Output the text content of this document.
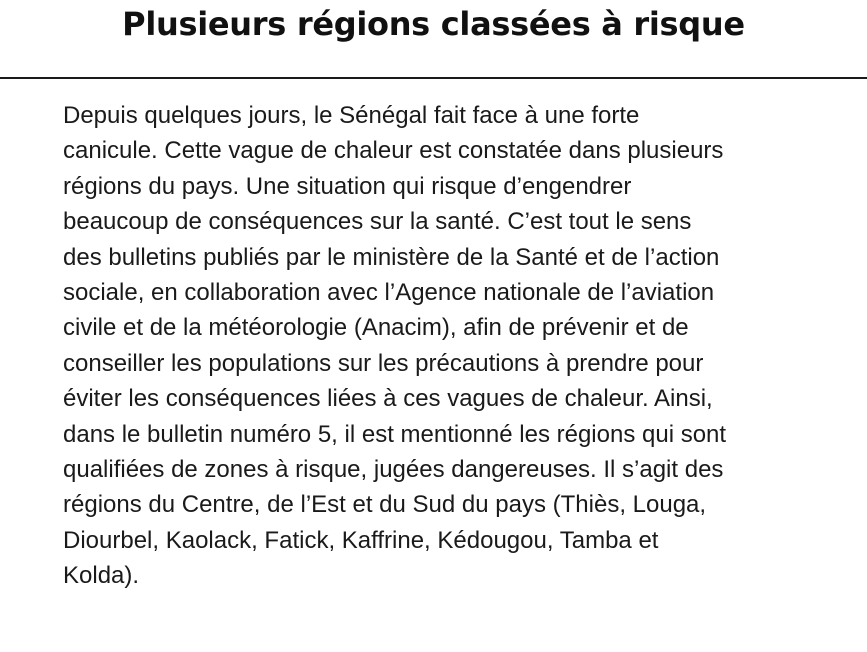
Plusieurs régions classées à risque
Depuis quelques jours, le Sénégal fait face à une forte
canicule. Cette vague de chaleur est constatée dans plusieurs
régions du pays. Une situation qui risque d’engendrer
beaucoup de conséquences sur la santé. C’est tout le sens
des bulletins publiés par le ministère de la Santé et de l’action
sociale, en collaboration avec l’Agence nationale de l’aviation
civile et de la météorologie (Anacim), afin de prévenir et de
conseiller les populations sur les précautions à prendre pour
éviter les conséquences liées à ces vagues de chaleur. Ainsi,
dans le bulletin numéro 5, il est mentionné les régions qui sont
qualifiées de zones à risque, jugées dangereuses. Il s’agit des
régions du Centre, de l’Est et du Sud du pays (Thiès, Louga,
Diourbel, Kaolack, Fatick, Kaffrine, Kédougou, Tamba et
Kolda).
